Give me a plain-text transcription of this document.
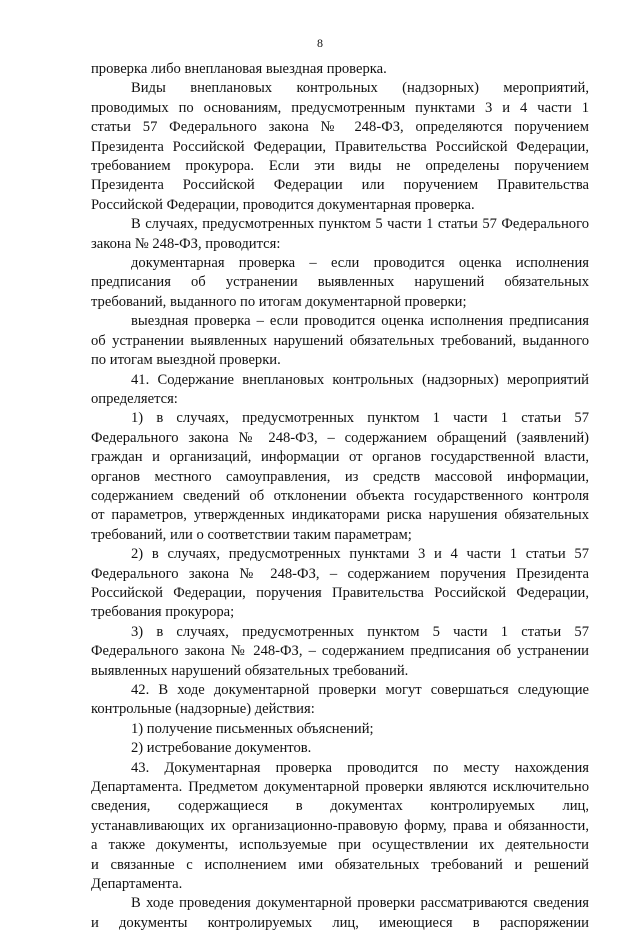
8

проверка либо внеплановая выездная проверка.

Виды внеплановых контрольных (надзорных) мероприятий,

проводимых по основаниям, предусмотренным пунктами 3 и 4 части 1

статьи 57 Федерального закона № 248-ФЗ, определяются поручением

Президента Российской Федерации, Правительства Российской Федерации,

требованием прокурора. Если эти виды не определены поручением

Президента Российской Федерации или поручением Правительства

Российской Федерации, проводится документарная проверка.

В случаях, предусмотренных пунктом 5 части 1 статьи 57 Федерального

закона № 248-ФЗ, проводится:

документарная проверка – если проводится оценка исполнения

предписания об устранении выявленных нарушений обязательных

требований, выданного по итогам документарной проверки;

выездная проверка – если проводится оценка исполнения предписания

об устранении выявленных нарушений обязательных требований, выданного

по итогам выездной проверки.

41. Содержание внеплановых контрольных (надзорных) мероприятий

определяется:

1) в случаях, предусмотренных пунктом 1 части 1 статьи 57

Федерального закона № 248-ФЗ, – содержанием обращений (заявлений)

граждан и организаций, информации от органов государственной власти,

органов местного самоуправления, из средств массовой информации,

содержанием сведений об отклонении объекта государственного контроля

от параметров, утвержденных индикаторами риска нарушения обязательных

требований, или о соответствии таким параметрам;

2) в случаях, предусмотренных пунктами 3 и 4 части 1 статьи 57

Федерального закона № 248-ФЗ, – содержанием поручения Президента

Российской Федерации, поручения Правительства Российской Федерации,

требования прокурора;

3) в случаях, предусмотренных пунктом 5 части 1 статьи 57

Федерального закона № 248-ФЗ, – содержанием предписания об устранении

выявленных нарушений обязательных требований.

42. В ходе документарной проверки могут совершаться следующие

контрольные (надзорные) действия:

1) получение письменных объяснений;

2) истребование документов.

43. Документарная проверка проводится по месту нахождения

Департамента. Предметом документарной проверки являются исключительно

сведения, содержащиеся в документах контролируемых лиц,

устанавливающих их организационно-правовую форму, права и обязанности,

а также документы, используемые при осуществлении их деятельности

и связанные с исполнением ими обязательных требований и решений

Департамента.

В ходе проведения документарной проверки рассматриваются сведения

и документы контролируемых лиц, имеющиеся в распоряжении
